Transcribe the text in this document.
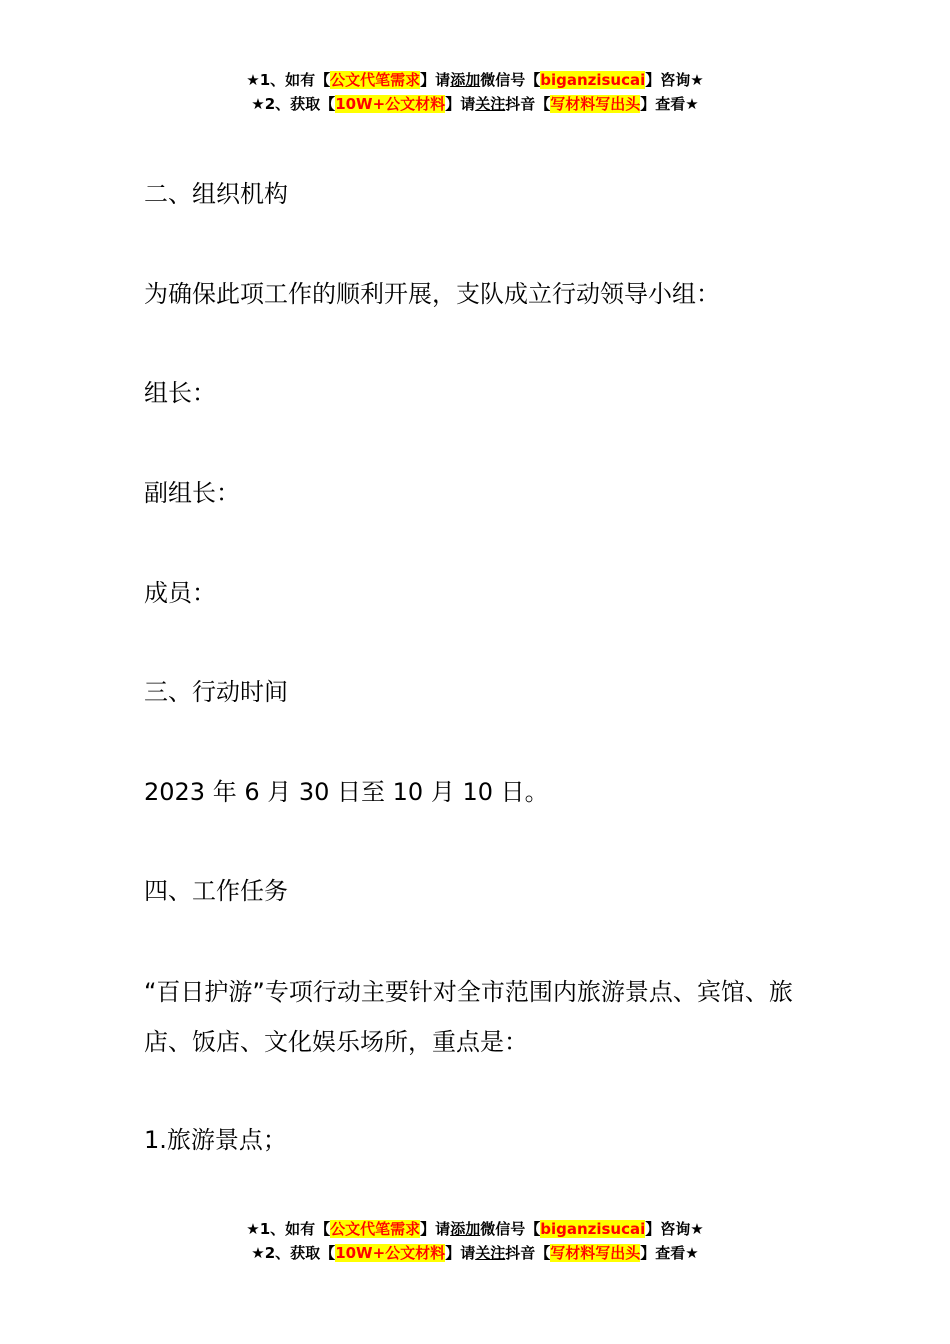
★1、如有【公文代笔需求】请添加微信号【biganzisucai】咨询★
★2、获取【10W+公文材料】请关注抖音【写材料写出头】查看★

二、组织机构

为确保此项工作的顺利开展，支队成立行动领导小组：

组长：

副组长：

成员：

三、行动时间

2023 年 6 月 30 日至 10 月 10 日。

四、工作任务

“百日护游”专项行动主要针对全市范围内旅游景点、宾馆、旅店、饭店、文化娱乐场所，重点是：

1.旅游景点；

★1、如有【公文代笔需求】请添加微信号【biganzisucai】咨询★
★2、获取【10W+公文材料】请关注抖音【写材料写出头】查看★
